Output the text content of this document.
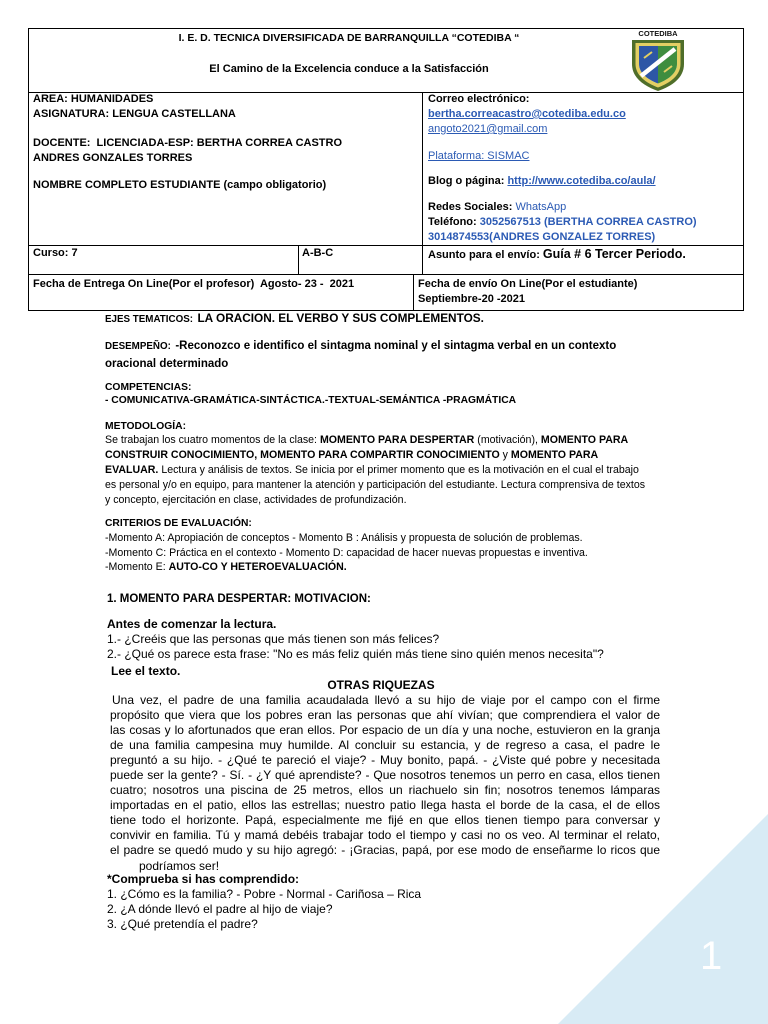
I. E. D. TECNICA DIVERSIFICADA DE BARRANQUILLA “COTEDIBA “
El Camino de la Excelencia conduce a la Satisfacción
COTEDIBA
AREA: HUMANIDADES
ASIGNATURA: LENGUA CASTELLANA
DOCENTE:  LICENCIADA-ESP: BERTHA CORREA CASTRO
ANDRES GONZALES TORRES
NOMBRE COMPLETO ESTUDIANTE (campo obligatorio)
Correo electrónico:
bertha.correacastro@cotediba.edu.co
angoto2021@gmail.com
Plataforma: SISMAC
Blog o página: http://www.cotediba.co/aula/
Redes Sociales: WhatsApp
Teléfono: 3052567513 (BERTHA CORREA CASTRO)
3014874553(ANDRES GONZALEZ TORRES)
Curso: 7	A-B-C	Asunto para el envío: Guía # 6 Tercer Periodo.
Fecha de Entrega On Line(Por el profesor) Agosto- 23 -  2021	Fecha de envío On Line(Por el estudiante)
Septiembre-20 -2021
EJES TEMATICOS: LA ORACION. EL VERBO Y SUS COMPLEMENTOS.
DESEMPEÑO: -Reconozco e identifico el sintagma nominal y el sintagma verbal en un contexto oracional determinado
COMPETENCIAS:
- COMUNICATIVA-GRAMÁTICA-SINTÁCTICA.-TEXTUAL-SEMÁNTICA -PRAGMÁTICA
METODOLOGÍA:
Se trabajan los cuatro momentos de la clase: MOMENTO PARA DESPERTAR (motivación), MOMENTO PARA CONSTRUIR CONOCIMIENTO, MOMENTO PARA COMPARTIR CONOCIMIENTO y MOMENTO PARA EVALUAR. Lectura y análisis de textos. Se inicia por el primer momento que es la motivación en el cual el trabajo es personal y/o en equipo, para mantener la atención y participación del estudiante. Lectura comprensiva de textos y concepto, ejercitación en clase, actividades de profundización.
CRITERIOS DE EVALUACIÓN:
-Momento A: Apropiación de conceptos - Momento B : Análisis y propuesta de solución de problemas.
-Momento C: Práctica en el contexto - Momento D: capacidad de hacer nuevas propuestas e inventiva.
-Momento E: AUTO-CO Y HETEROEVALUACIÓN.
1. MOMENTO PARA DESPERTAR: MOTIVACION:
Antes de comenzar la lectura.
1.- ¿Creéis que las personas que más tienen son más felices?
2.- ¿Qué os parece esta frase: "No es más feliz quién más tiene sino quién menos necesita"?
Lee el texto.
OTRAS RIQUEZAS
Una vez, el padre de una familia acaudalada llevó a su hijo de viaje por el campo con el firme
propósito que viera que los pobres eran las personas que ahí vivían; que comprendiera el valor de
las cosas y lo afortunados que eran ellos. Por espacio de un día y una noche, estuvieron en la granja
de una familia campesina muy humilde. Al concluir su estancia, y de regreso a casa, el padre le
preguntó a su hijo. - ¿Qué te pareció el viaje? - Muy bonito, papá. - ¿Viste qué pobre y necesitada
puede ser la gente? - Sí. - ¿Y qué aprendiste? - Que nosotros tenemos un perro en casa, ellos tienen
cuatro; nosotros una piscina de 25 metros, ellos un riachuelo sin fin; nosotros tenemos lámparas
importadas en el patio, ellos las estrellas; nuestro patio llega hasta el borde de la casa, el de ellos
tiene todo el horizonte. Papá, especialmente me fijé en que ellos tienen tiempo para conversar y
convivir en familia. Tú y mamá debéis trabajar todo el tiempo y casi no os veo. Al terminar el relato,
el padre se quedó mudo y su hijo agregó: - ¡Gracias, papá, por ese modo de enseñarme lo ricos que
podríamos ser!
*Comprueba si has comprendido:
1. ¿Cómo es la familia? - Pobre - Normal - Cariñosa – Rica
2. ¿A dónde llevó el padre al hijo de viaje?
3. ¿Qué pretendía el padre?
1
